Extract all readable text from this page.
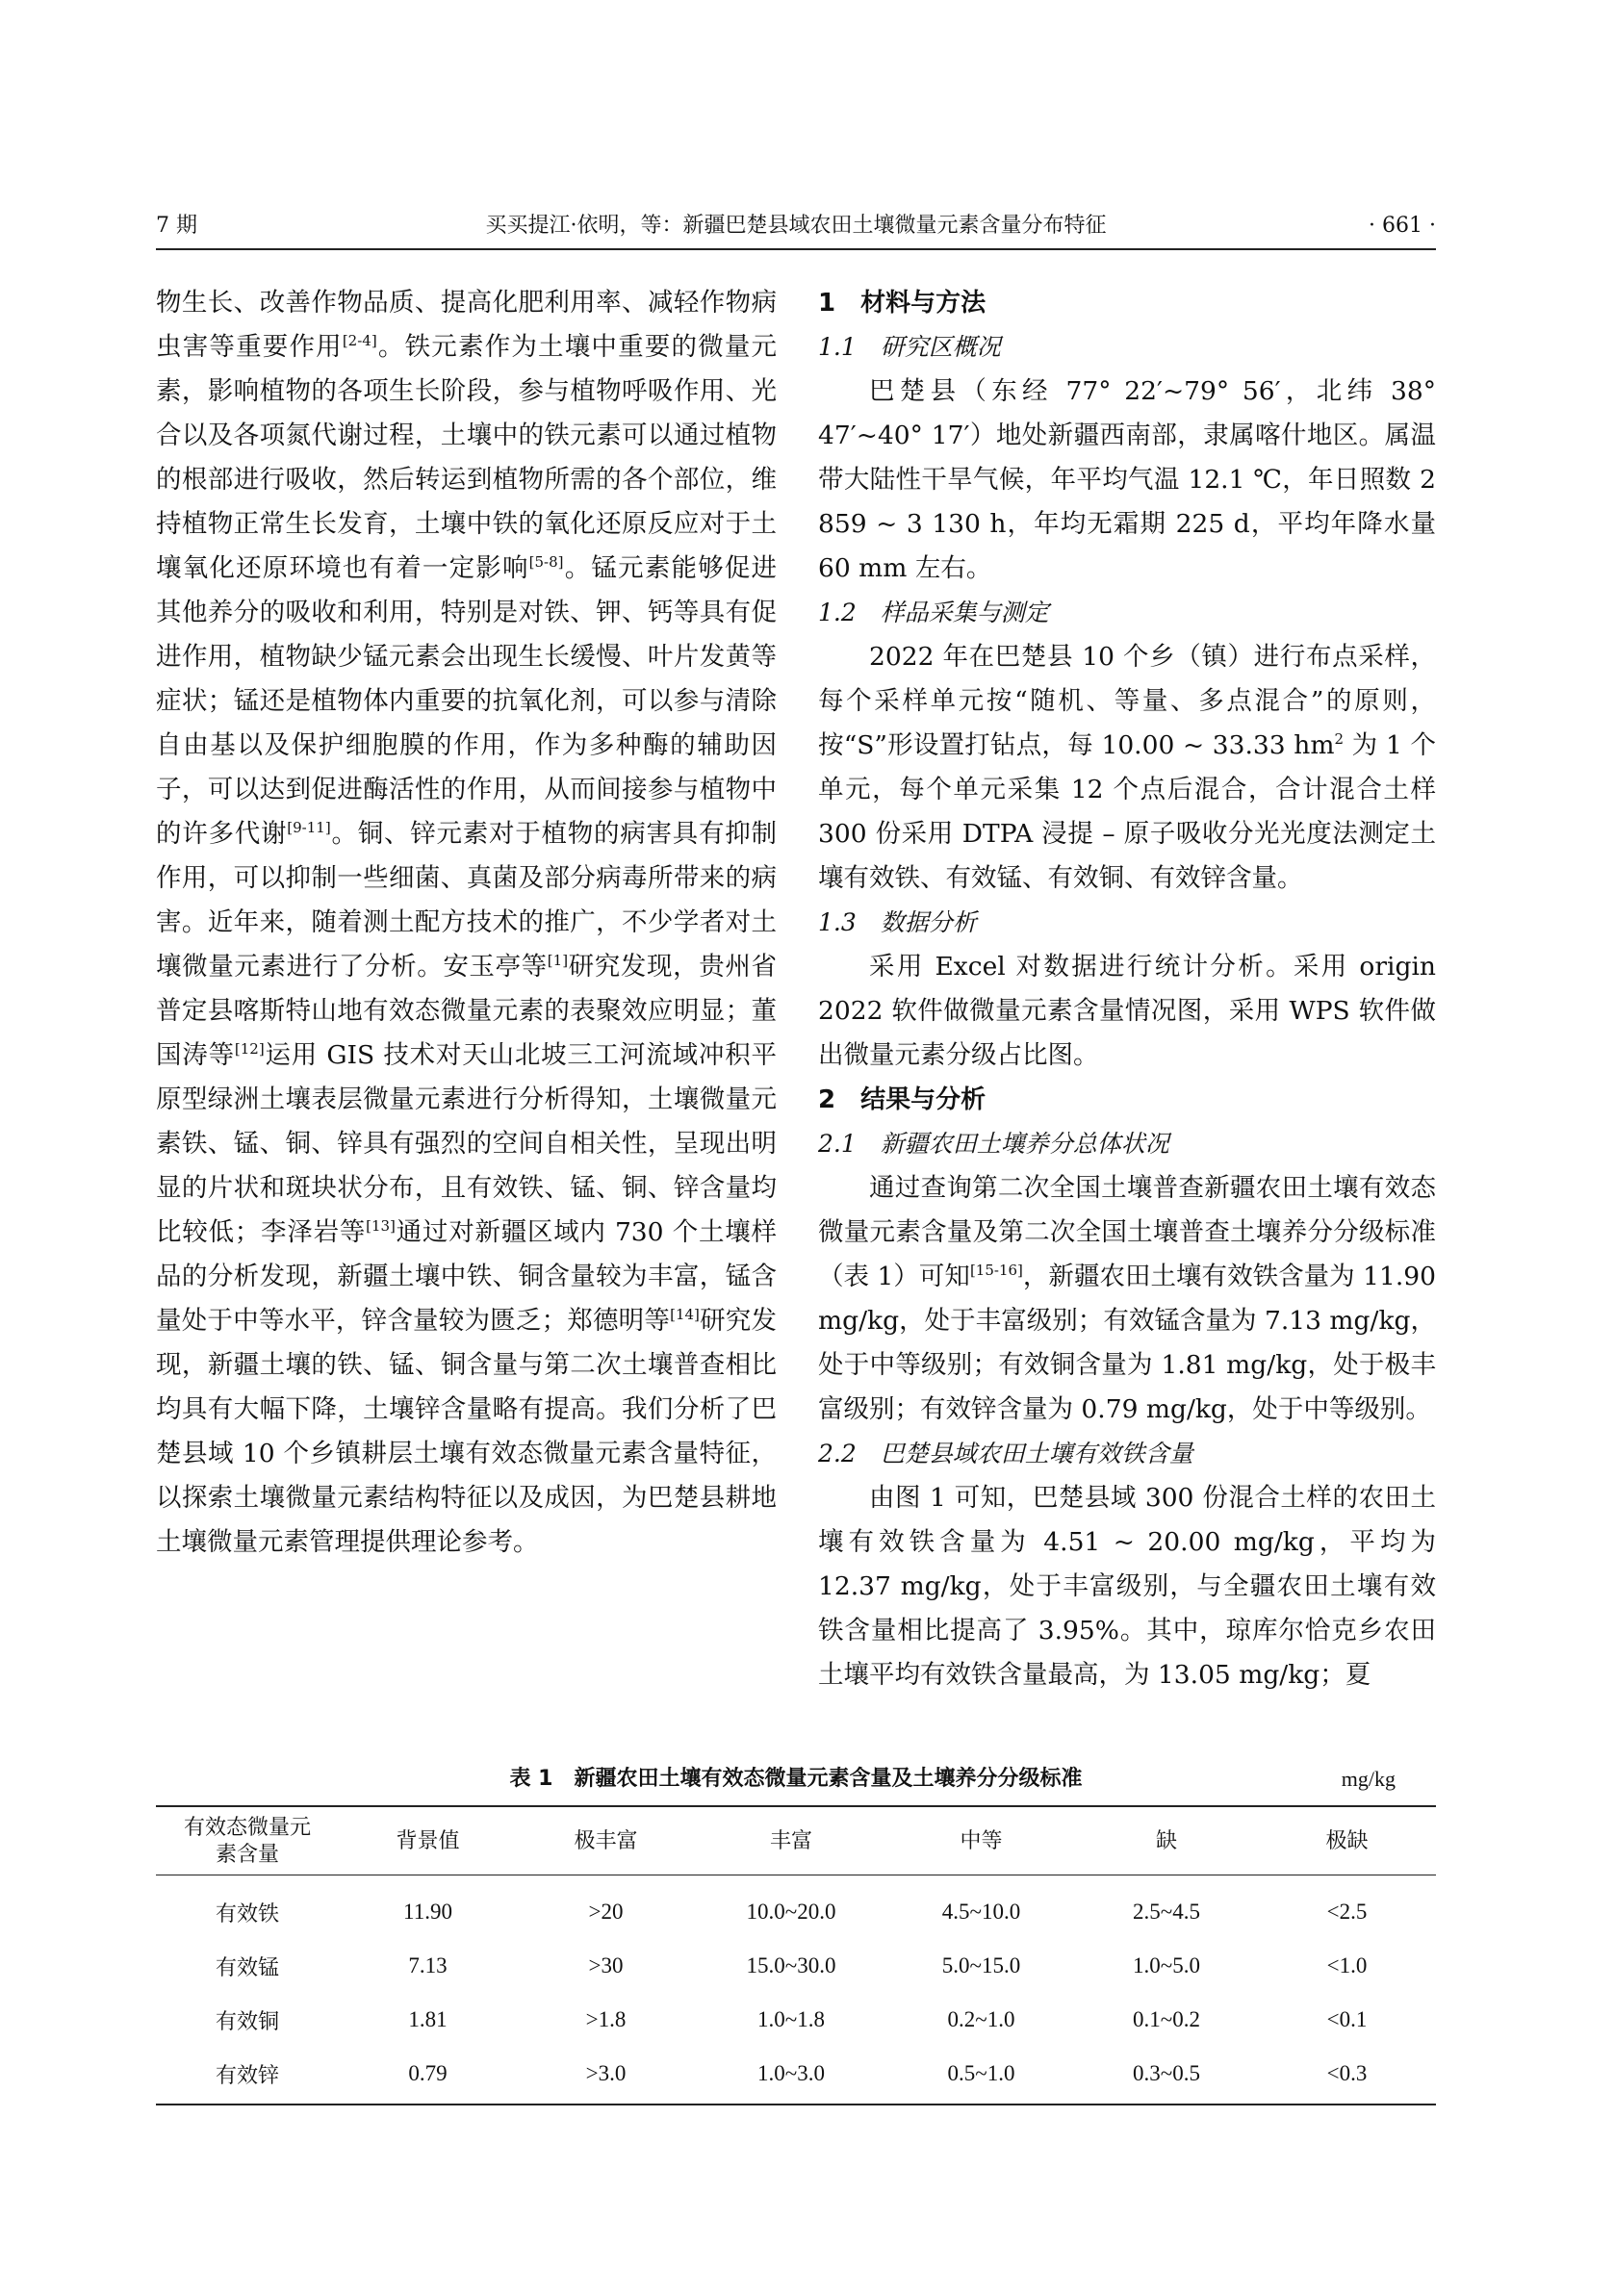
7 期	买买提江·依明，等：新疆巴楚县域农田土壤微量元素含量分布特征	· 661 ·

物生长、改善作物品质、提高化肥利用率、减轻作物病虫害等重要作用[2-4]。铁元素作为土壤中重要的微量元素，影响植物的各项生长阶段，参与植物呼吸作用、光合以及各项氮代谢过程，土壤中的铁元素可以通过植物的根部进行吸收，然后转运到植物所需的各个部位，维持植物正常生长发育，土壤中铁的氧化还原反应对于土壤氧化还原环境也有着一定影响[5-8]。锰元素能够促进其他养分的吸收和利用，特别是对铁、钾、钙等具有促进作用，植物缺少锰元素会出现生长缓慢、叶片发黄等症状；锰还是植物体内重要的抗氧化剂，可以参与清除自由基以及保护细胞膜的作用，作为多种酶的辅助因子，可以达到促进酶活性的作用，从而间接参与植物中的许多代谢[9-11]。铜、锌元素对于植物的病害具有抑制作用，可以抑制一些细菌、真菌及部分病毒所带来的病害。近年来，随着测土配方技术的推广，不少学者对土壤微量元素进行了分析。安玉亭等[1]研究发现，贵州省普定县喀斯特山地有效态微量元素的表聚效应明显；董国涛等[12]运用 GIS 技术对天山北坡三工河流域冲积平原型绿洲土壤表层微量元素进行分析得知，土壤微量元素铁、锰、铜、锌具有强烈的空间自相关性，呈现出明显的片状和斑块状分布，且有效铁、锰、铜、锌含量均比较低；李泽岩等[13]通过对新疆区域内 730 个土壤样品的分析发现，新疆土壤中铁、铜含量较为丰富，锰含量处于中等水平，锌含量较为匮乏；郑德明等[14]研究发现，新疆土壤的铁、锰、铜含量与第二次土壤普查相比均具有大幅下降，土壤锌含量略有提高。我们分析了巴楚县域 10 个乡镇耕层土壤有效态微量元素含量特征，以探索土壤微量元素结构特征以及成因，为巴楚县耕地土壤微量元素管理提供理论参考。

1　材料与方法
1.1　研究区概况

巴楚县（东经 77° 22′~79° 56′，北纬 38° 47′~40° 17′）地处新疆西南部，隶属喀什地区。属温带大陆性干旱气候，年平均气温 12.1 ℃，年日照数 2 859 ~ 3 130 h，年均无霜期 225 d，平均年降水量 60 mm 左右。

1.2　样品采集与测定

2022 年在巴楚县 10 个乡（镇）进行布点采样，每个采样单元按“随机、等量、多点混合”的原则，按“S”形设置打钻点，每 10.00 ~ 33.33 $hm^2$ 为 1 个单元，每个单元采集 12 个点后混合，合计混合土样 300 份采用 DTPA 浸提 – 原子吸收分光光度法测定土壤有效铁、有效锰、有效铜、有效锌含量。

1.3　数据分析

采用 Excel 对数据进行统计分析。采用 origin 2022 软件做微量元素含量情况图，采用 WPS 软件做出微量元素分级占比图。

2　结果与分析
2.1　新疆农田土壤养分总体状况

通过查询第二次全国土壤普查新疆农田土壤有效态微量元素含量及第二次全国土壤普查土壤养分分级标准（表 1）可知[15-16]，新疆农田土壤有效铁含量为 11.90 mg/kg，处于丰富级别；有效锰含量为 7.13 mg/kg，处于中等级别；有效铜含量为 1.81 mg/kg，处于极丰富级别；有效锌含量为 0.79 mg/kg，处于中等级别。

2.2　巴楚县域农田土壤有效铁含量

由图 1 可知，巴楚县域 300 份混合土样的农田土壤有效铁含量为 4.51 ~ 20.00 mg/kg，平均为 12.37 mg/kg，处于丰富级别，与全疆农田土壤有效铁含量相比提高了 3.95%。其中，琼库尔恰克乡农田土壤平均有效铁含量最高，为 13.05 mg/kg；夏

表 1　新疆农田土壤有效态微量元素含量及土壤养分分级标准	mg/kg
有效态微量元素含量	背景值	极丰富	丰富	中等	缺	极缺
有效铁	11.90	>20	10.0~20.0	4.5~10.0	2.5~4.5	<2.5
有效锰	7.13	>30	15.0~30.0	5.0~15.0	1.0~5.0	<1.0
有效铜	1.81	>1.8	1.0~1.8	0.2~1.0	0.1~0.2	<0.1
有效锌	0.79	>3.0	1.0~3.0	0.5~1.0	0.3~0.5	<0.3
